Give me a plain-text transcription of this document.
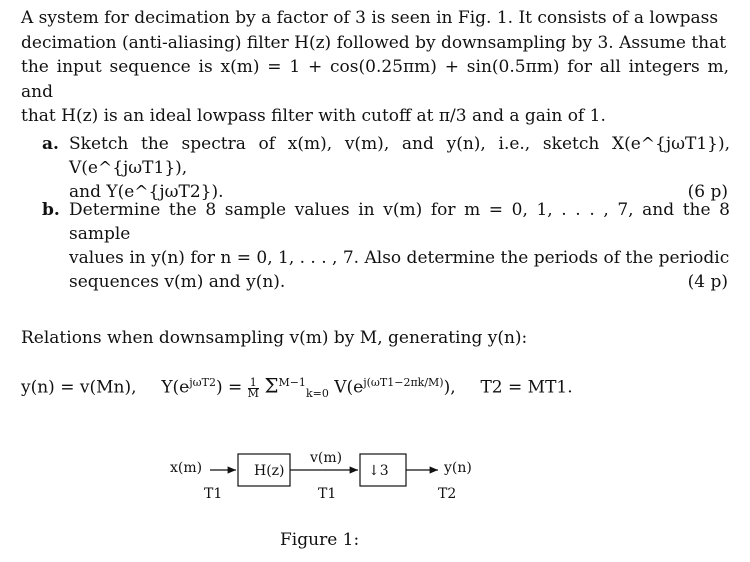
A system for decimation by a factor of 3 is seen in Fig. 1. It consists of a lowpass
decimation (anti-aliasing) filter H(z) followed by downsampling by 3. Assume that
the input sequence is x(m) = 1 + cos(0.25πm) + sin(0.5πm) for all integers m, and
that H(z) is an ideal lowpass filter with cutoff at π/3 and a gain of 1.
a. Sketch the spectra of x(m), v(m), and y(n), i.e., sketch X(e^{jωT1}), V(e^{jωT1}),
and Y(e^{jωT2}).	(6 p)
b. Determine the 8 sample values in v(m) for m = 0, 1, . . . , 7, and the 8 sample
values in y(n) for n = 0, 1, . . . , 7. Also determine the periods of the periodic
sequences v(m) and y(n).	(4 p)
Relations when downsampling v(m) by M, generating y(n):
y(n) = v(Mn), $Y(e^{j\omega T2}) = \frac{1}{M} \Sigma^{M-1}_{k=0}$ $V(e^{j(\omega T1-2\pi k/M)})$, T2 = MT1.
x(m)
T1
H(z)
v(m)
T1
↓3	y(n)
T2
Figure 1:
